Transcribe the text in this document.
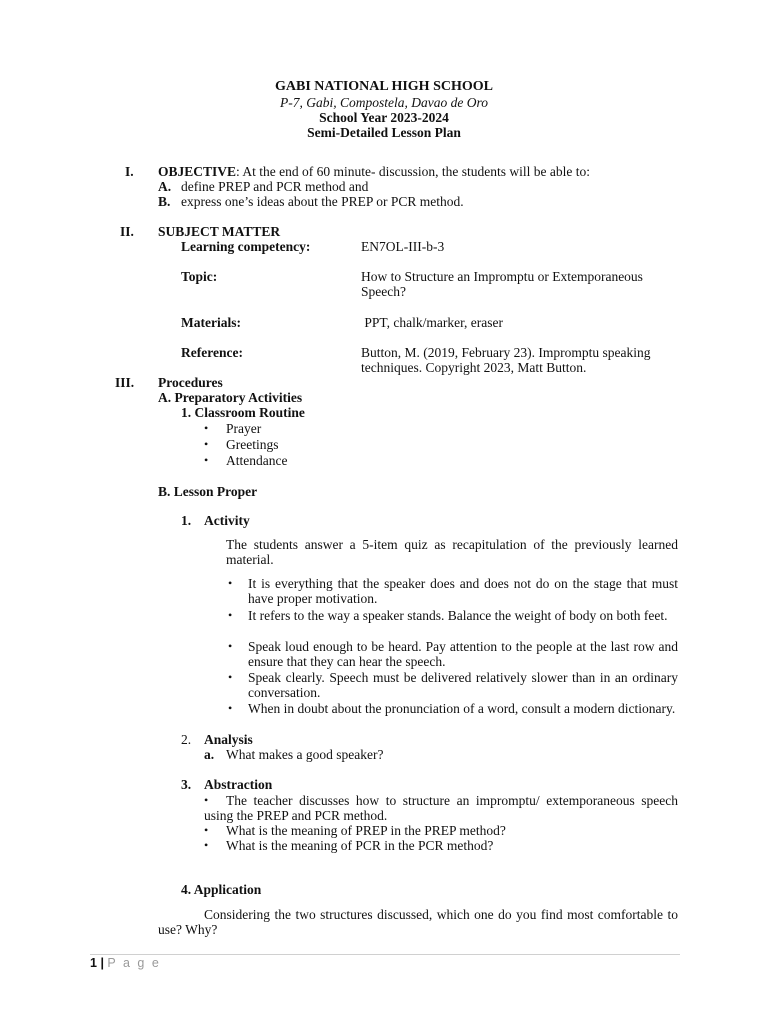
GABI NATIONAL HIGH SCHOOL
P-7, Gabi, Compostela, Davao de Oro
School Year 2023-2024
Semi-Detailed Lesson Plan
I. OBJECTIVE: At the end of 60 minute- discussion, the students will be able to:
A. define PREP and PCR method and
B. express one’s ideas about the PREP or PCR method.
II. SUBJECT MATTER
Learning competency:	EN7OL-III-b-3
Topic:	How to Structure an Impromptu or Extemporaneous Speech?
Materials:	PPT, chalk/marker, eraser
Reference:	Button, M. (2019, February 23). Impromptu speaking techniques. Copyright 2023, Matt Button.
III. Procedures
A. Preparatory Activities
1. Classroom Routine
• Prayer
• Greetings
• Attendance
B. Lesson Proper
1. Activity
The students answer a 5-item quiz as recapitulation of the previously learned material.
• It is everything that the speaker does and does not do on the stage that must have proper motivation.
• It refers to the way a speaker stands. Balance the weight of body on both feet.
• Speak loud enough to be heard. Pay attention to the people at the last row and ensure that they can hear the speech.
• Speak clearly. Speech must be delivered relatively slower than in an ordinary conversation.
• When in doubt about the pronunciation of a word, consult a modern dictionary.
2. Analysis
a. What makes a good speaker?
3. Abstraction
•	The teacher discusses how to structure an impromptu/ extemporaneous speech using the PREP and PCR method.
• What is the meaning of PREP in the PREP method?
• What is the meaning of PCR in the PCR method?
4. Application
Considering the two structures discussed, which one do you find most comfortable to use? Why?
1 | P a g e
